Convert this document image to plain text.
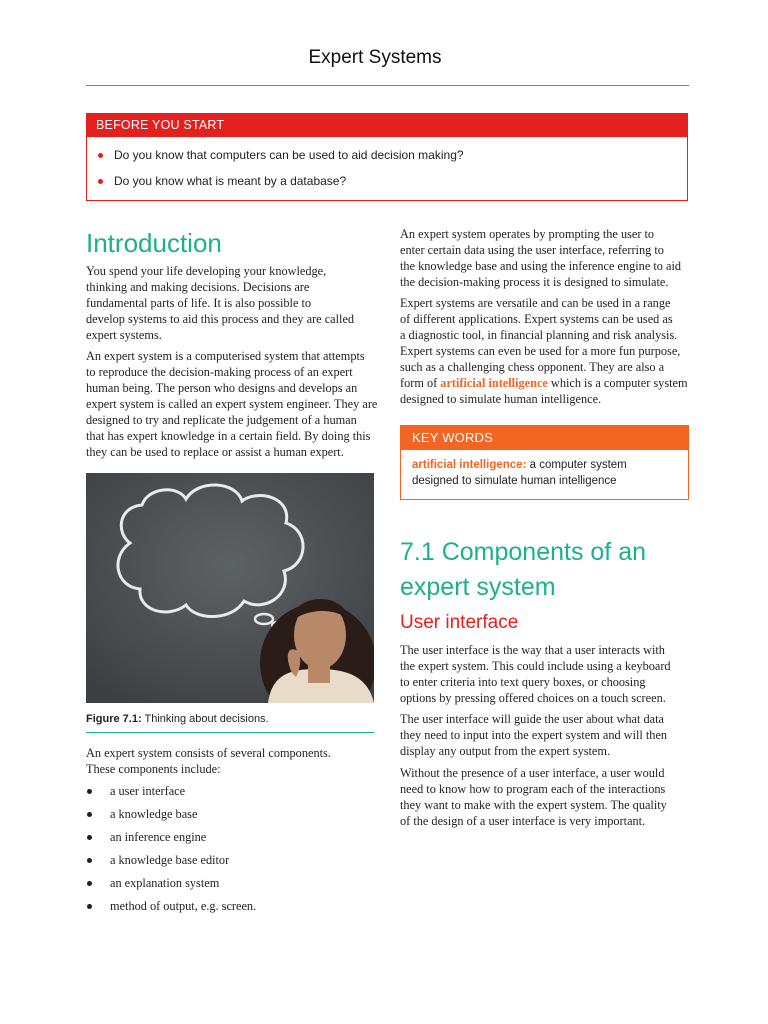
Expert Systems
BEFORE YOU START
Do you know that computers can be used to aid decision making?
Do you know what is meant by a database?
Introduction
You spend your life developing your knowledge,
thinking and making decisions. Decisions are
fundamental parts of life. It is also possible to
develop systems to aid this process and they are called
expert systems.
An expert system is a computerised system that attempts
to reproduce the decision-making process of an expert
human being. The person who designs and develops an
expert system is called an expert system engineer. They are
designed to try and replicate the judgement of a human
that has expert knowledge in a certain field. By doing this
they can be used to replace or assist a human expert.
Figure 7.1: Thinking about decisions.
An expert system consists of several components.
These components include:
a user interface
a knowledge base
an inference engine
a knowledge base editor
an explanation system
method of output, e.g. screen.
An expert system operates by prompting the user to
enter certain data using the user interface, referring to
the knowledge base and using the inference engine to aid
the decision-making process it is designed to simulate.
Expert systems are versatile and can be used in a range
of different applications. Expert systems can be used as
a diagnostic tool, in financial planning and risk analysis.
Expert systems can even be used for a more fun purpose,
such as a challenging chess opponent. They are also a
form of artificial intelligence which is a computer system
designed to simulate human intelligence.
KEY WORDS
artificial intelligence: a computer system
designed to simulate human intelligence
7.1 Components of an
expert system
User interface
The user interface is the way that a user interacts with
the expert system. This could include using a keyboard
to enter criteria into text query boxes, or choosing
options by pressing offered choices on a touch screen.
The user interface will guide the user about what data
they need to input into the expert system and will then
display any output from the expert system.
Without the presence of a user interface, a user would
need to know how to program each of the interactions
they want to make with the expert system. The quality
of the design of a user interface is very important.
